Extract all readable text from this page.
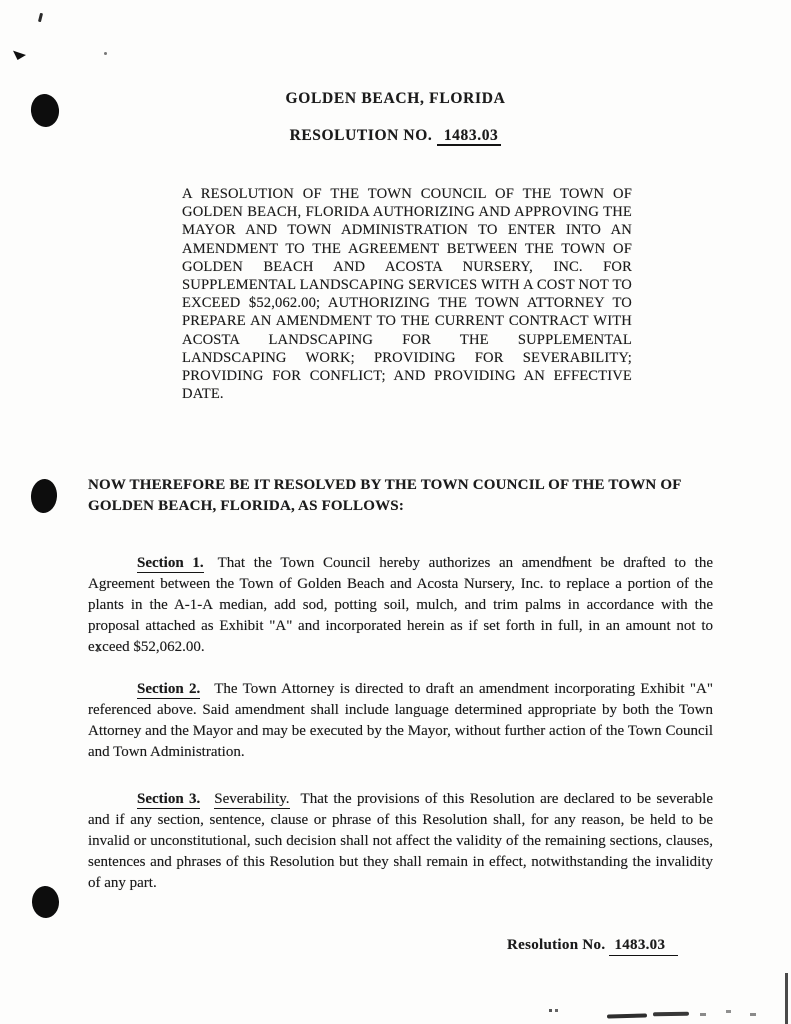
GOLDEN BEACH, FLORIDA
RESOLUTION NO. 1483.03
A RESOLUTION OF THE TOWN COUNCIL OF THE TOWN OF GOLDEN BEACH, FLORIDA AUTHORIZING AND APPROVING THE MAYOR AND TOWN ADMINISTRATION TO ENTER INTO AN AMENDMENT TO THE AGREEMENT BETWEEN THE TOWN OF GOLDEN BEACH AND ACOSTA NURSERY, INC. FOR SUPPLEMENTAL LANDSCAPING SERVICES WITH A COST NOT TO EXCEED $52,062.00; AUTHORIZING THE TOWN ATTORNEY TO PREPARE AN AMENDMENT TO THE CURRENT CONTRACT WITH ACOSTA LANDSCAPING FOR THE SUPPLEMENTAL LANDSCAPING WORK; PROVIDING FOR SEVERABILITY; PROVIDING FOR CONFLICT; AND PROVIDING AN EFFECTIVE DATE.
NOW THEREFORE BE IT RESOLVED BY THE TOWN COUNCIL OF THE TOWN OF GOLDEN BEACH, FLORIDA, AS FOLLOWS:
Section 1. That the Town Council hereby authorizes an amendment be drafted to the Agreement between the Town of Golden Beach and Acosta Nursery, Inc. to replace a portion of the plants in the A-1-A median, add sod, potting soil, mulch, and trim palms in accordance with the proposal attached as Exhibit "A" and incorporated herein as if set forth in full, in an amount not to exceed $52,062.00.
Section 2. The Town Attorney is directed to draft an amendment incorporating Exhibit "A" referenced above. Said amendment shall include language determined appropriate by both the Town Attorney and the Mayor and may be executed by the Mayor, without further action of the Town Council and Town Administration.
Section 3. Severability. That the provisions of this Resolution are declared to be severable and if any section, sentence, clause or phrase of this Resolution shall, for any reason, be held to be invalid or unconstitutional, such decision shall not affect the validity of the remaining sections, clauses, sentences and phrases of this Resolution but they shall remain in effect, notwithstanding the invalidity of any part.
Resolution No. 1483.03
